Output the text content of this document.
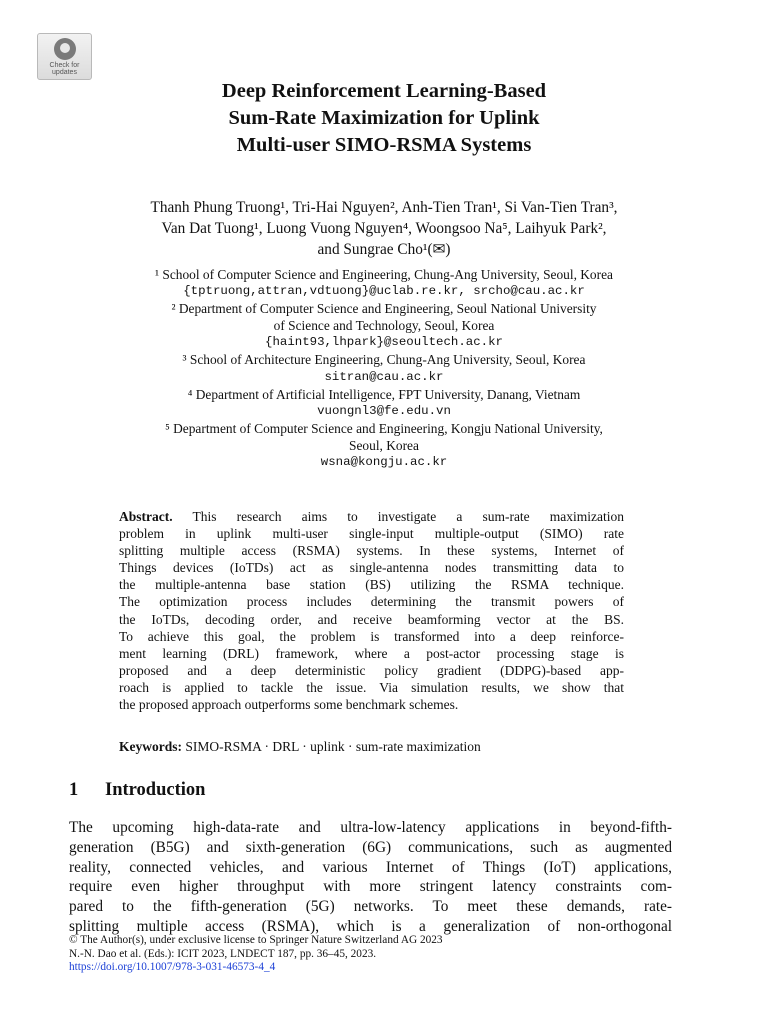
Check for
updates
Deep Reinforcement Learning-Based
Sum-Rate Maximization for Uplink
Multi-user SIMO-RSMA Systems
Thanh Phung Truong¹, Tri-Hai Nguyen², Anh-Tien Tran¹, Si Van-Tien Tran³,
Van Dat Tuong¹, Luong Vuong Nguyen⁴, Woongsoo Na⁵, Laihyuk Park²,
and Sungrae Cho¹(✉)
¹ School of Computer Science and Engineering, Chung-Ang University, Seoul, Korea
{tptruong,attran,vdtuong}@uclab.re.kr, srcho@cau.ac.kr
² Department of Computer Science and Engineering, Seoul National University
of Science and Technology, Seoul, Korea
{haint93,lhpark}@seoultech.ac.kr
³ School of Architecture Engineering, Chung-Ang University, Seoul, Korea
sitran@cau.ac.kr
⁴ Department of Artificial Intelligence, FPT University, Danang, Vietnam
vuongnl3@fe.edu.vn
⁵ Department of Computer Science and Engineering, Kongju National University,
Seoul, Korea
wsna@kongju.ac.kr
Abstract. This research aims to investigate a sum-rate maximization
problem in uplink multi-user single-input multiple-output (SIMO) rate
splitting multiple access (RSMA) systems. In these systems, Internet of
Things devices (IoTDs) act as single-antenna nodes transmitting data to
the multiple-antenna base station (BS) utilizing the RSMA technique.
The optimization process includes determining the transmit powers of
the IoTDs, decoding order, and receive beamforming vector at the BS.
To achieve this goal, the problem is transformed into a deep reinforce-
ment learning (DRL) framework, where a post-actor processing stage is
proposed and a deep deterministic policy gradient (DDPG)-based app-
roach is applied to tackle the issue. Via simulation results, we show that
the proposed approach outperforms some benchmark schemes.
Keywords: SIMO-RSMA · DRL · uplink · sum-rate maximization
1 Introduction
The upcoming high-data-rate and ultra-low-latency applications in beyond-fifth-
generation (B5G) and sixth-generation (6G) communications, such as augmented
reality, connected vehicles, and various Internet of Things (IoT) applications,
require even higher throughput with more stringent latency constraints com-
pared to the fifth-generation (5G) networks. To meet these demands, rate-
splitting multiple access (RSMA), which is a generalization of non-orthogonal
© The Author(s), under exclusive license to Springer Nature Switzerland AG 2023
N.-N. Dao et al. (Eds.): ICIT 2023, LNDECT 187, pp. 36–45, 2023.
https://doi.org/10.1007/978-3-031-46573-4_4
